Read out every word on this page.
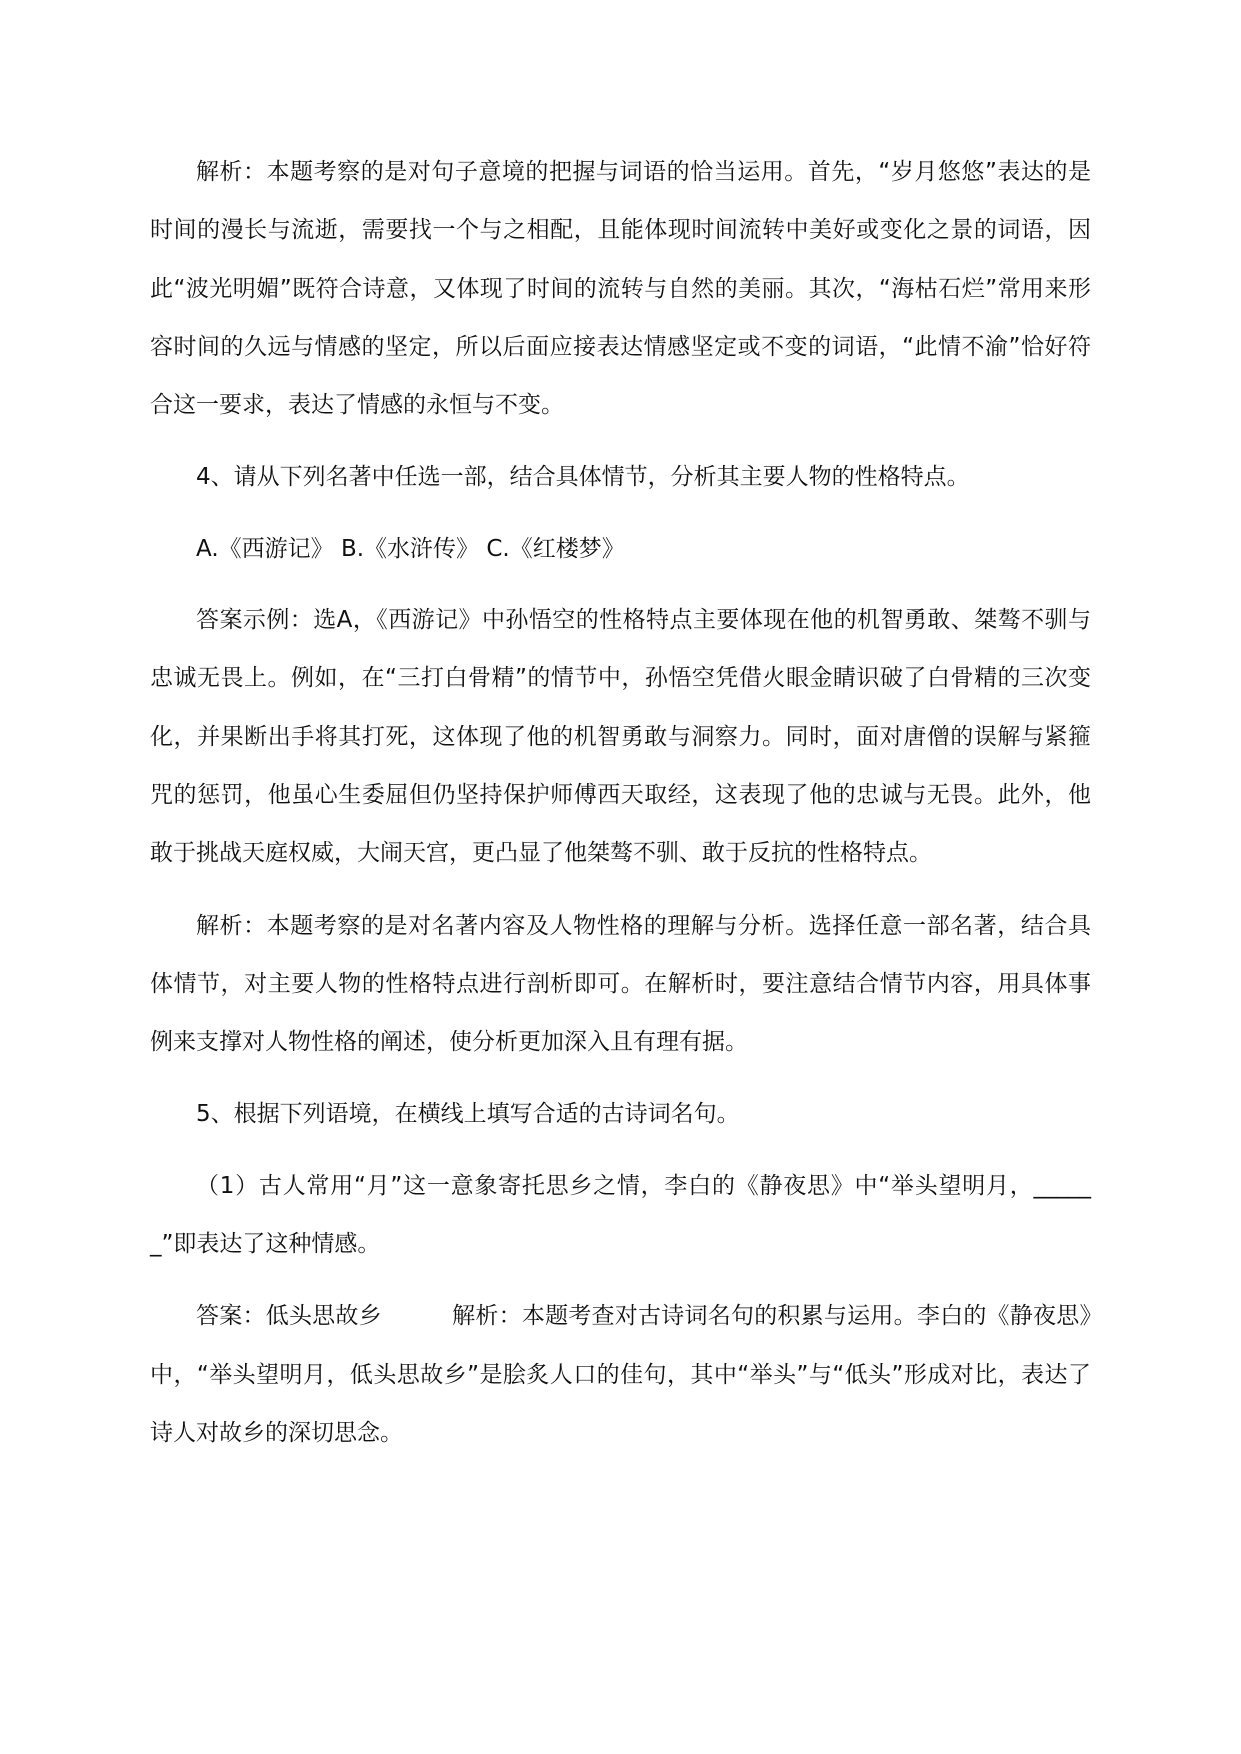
解析：本题考察的是对句子意境的把握与词语的恰当运用。首先，“岁月悠悠”表达的是时间的漫长与流逝，需要找一个与之相配，且能体现时间流转中美好或变化之景的词语，因此“波光明媚”既符合诗意，又体现了时间的流转与自然的美丽。其次，“海枯石烂”常用来形容时间的久远与情感的坚定，所以后面应接表达情感坚定或不变的词语，“此情不渝”恰好符合这一要求，表达了情感的永恒与不变。

4、请从下列名著中任选一部，结合具体情节，分析其主要人物的性格特点。

A.《西游记》 B.《水浒传》 C.《红楼梦》

答案示例：选A，《西游记》中孙悟空的性格特点主要体现在他的机智勇敢、桀骜不驯与忠诚无畏上。例如，在“三打白骨精”的情节中，孙悟空凭借火眼金睛识破了白骨精的三次变化，并果断出手将其打死，这体现了他的机智勇敢与洞察力。同时，面对唐僧的误解与紧箍咒的惩罚，他虽心生委屈但仍坚持保护师傅西天取经，这表现了他的忠诚与无畏。此外，他敢于挑战天庭权威，大闹天宫，更凸显了他桀骜不驯、敢于反抗的性格特点。

解析：本题考察的是对名著内容及人物性格的理解与分析。选择任意一部名著，结合具体情节，对主要人物的性格特点进行剖析即可。在解析时，要注意结合情节内容，用具体事例来支撑对人物性格的阐述，使分析更加深入且有理有据。

5、根据下列语境，在横线上填写合适的古诗词名句。

（1）古人常用“月”这一意象寄托思乡之情，李白的《静夜思》中“举头望明月，______”即表达了这种情感。

答案：低头思故乡	解析：本题考查对古诗词名句的积累与运用。李白的《静夜思》中，“举头望明月，低头思故乡”是脍炙人口的佳句，其中“举头”与“低头”形成对比，表达了诗人对故乡的深切思念。
